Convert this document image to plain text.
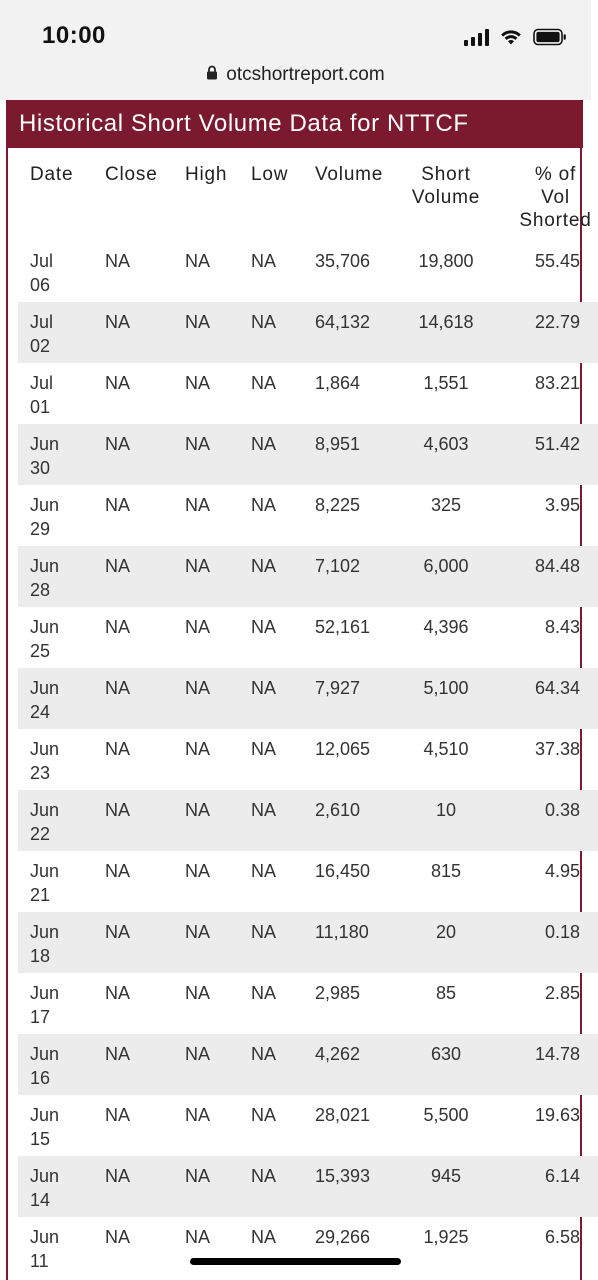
10:00
otcshortreport.com
Historical Short Volume Data for NTTCF
Date	Close	High	Low	Volume	Short
Volume	% of
Vol
Shorted
Jul
06	NA	NA	NA	35,706	19,800	55.45
Jul
02	NA	NA	NA	64,132	14,618	22.79
Jul
01	NA	NA	NA	1,864	1,551	83.21
Jun
30	NA	NA	NA	8,951	4,603	51.42
Jun
29	NA	NA	NA	8,225	325	3.95
Jun
28	NA	NA	NA	7,102	6,000	84.48
Jun
25	NA	NA	NA	52,161	4,396	8.43
Jun
24	NA	NA	NA	7,927	5,100	64.34
Jun
23	NA	NA	NA	12,065	4,510	37.38
Jun
22	NA	NA	NA	2,610	10	0.38
Jun
21	NA	NA	NA	16,450	815	4.95
Jun
18	NA	NA	NA	11,180	20	0.18
Jun
17	NA	NA	NA	2,985	85	2.85
Jun
16	NA	NA	NA	4,262	630	14.78
Jun
15	NA	NA	NA	28,021	5,500	19.63
Jun
14	NA	NA	NA	15,393	945	6.14
Jun
11	NA	NA	NA	29,266	1,925	6.58
